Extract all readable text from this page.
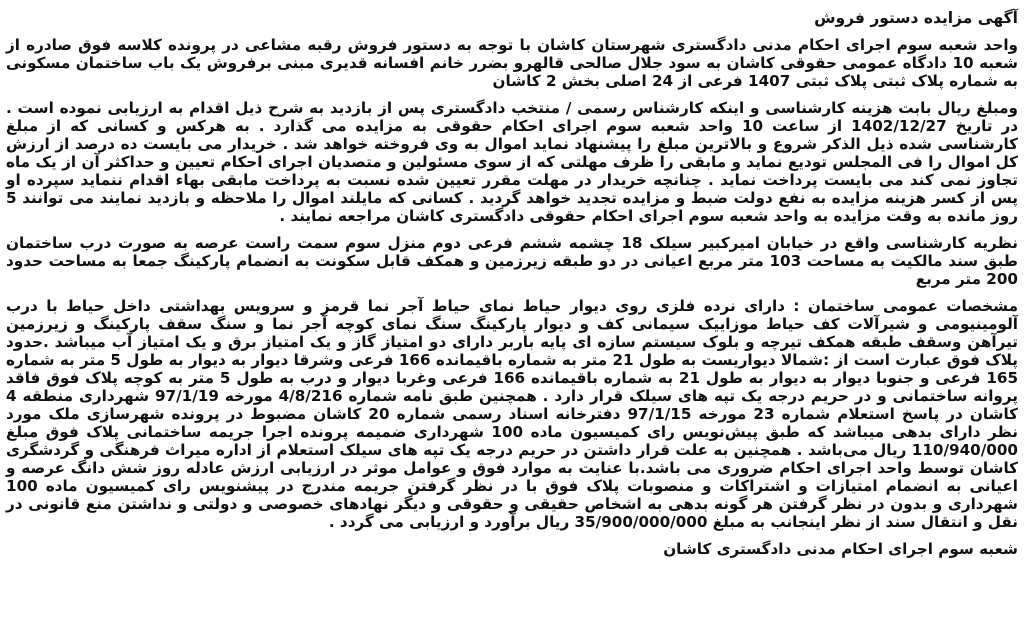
آگهی مزایده دستور فروش
واحد شعبه سوم اجرای احکام مدنی دادگستری شهرستان کاشان با توجه به دستور فروش رقبه مشاعی در پرونده کلاسه فوق صادره از شعبه 10 دادگاه عمومی حقوقی کاشان به سود جلال صالحی قالهرو بضرر خانم افسانه قدیری مبنی برفروش یک باب ساختمان مسکونی به شماره پلاک ثبتی پلاک ثبتی 1407 فرعی از 24 اصلی بخش 2 کاشان
ومبلغ ریال بابت هزینه کارشناسی و اینکه کارشناس رسمی / منتخب دادگستری پس از بازدید به شرح ذیل اقدام به ارزیابی نموده است . در تاریخ 1402/12/27 از ساعت 10 واحد شعبه سوم اجرای احکام حقوقی به مزایده می گذارد . به هرکس و کسانی که از مبلغ کارشناسی شده ذیل الذکر شروع و بالاترین مبلغ را پیشنهاد نماید اموال به وی فروخته خواهد شد . خریدار می بایست ده درصد از ارزش کل اموال را فی المجلس تودیع نماید و مابقی را ظرف مهلتی که از سوی مسئولین و متصدیان اجرای احکام تعیین و حداکثر آن از یک ماه تجاوز نمی کند می بایست پرداخت نماید . چنانچه خریدار در مهلت مقرر تعیین شده نسبت به پرداخت مابقی بهاء اقدام ننماید سپرده او پس از کسر هزینه مزایده به نفع دولت ضبط و مزایده تجدید خواهد گردید . کسانی که مایلند اموال را ملاحظه و بازدید نمایند می توانند 5 روز مانده به وقت مزایده به واحد شعبه سوم اجرای احکام حقوقی دادگستری کاشان مراجعه نمایند .
نظریه کارشناسی واقع در خیابان امیرکبیر سیلک 18 چشمه ششم فرعی دوم منزل سوم سمت راست عرصه به صورت درب ساختمان طبق سند مالکیت به مساحت 103 متر مربع اعیانی در دو طبقه زیرزمین و همکف قابل سکونت به انضمام پارکینگ جمعا به مساحت حدود 200 متر مربع
مشخصات عمومی ساختمان : دارای نرده فلزی روی دیوار حیاط نمای حیاط آجر نما قرمز و سرویس بهداشتی داخل حیاط با درب آلومینیومی و شیرآلات کف حیاط موزاییک سیمانی کف و دیوار پارکینگ سنگ نمای کوچه آجر نما و سنگ سقف پارکینگ و زیرزمین تیرآهن وسقف طبقه همکف تیرچه و بلوک سیستم سازه ای پایه باربر دارای دو امتیاز گاز و یک امتیاز برق و یک امتیاز آب میباشد .حدود پلاک فوق عبارت است از :شمالا دیواریست به طول 21 متر به شماره باقیمانده 166 فرعی وشرقا دیوار به دیوار به طول 5 متر به شماره 165 فرعی و جنوبا دیوار به دیوار به طول 21 به شماره باقیمانده 166 فرعی وغربا دیوار و درب به طول 5 متر به کوچه پلاک فوق فاقد پروانه ساختمانی و در حریم درجه یک تپه های سیلک قرار دارد . همچنین طبق نامه شماره 4/8/216 مورخه 97/1/19 شهرداری منطقه 4 کاشان در پاسخ استعلام شماره 23 مورخه 97/1/15 دفترخانه اسناد رسمی شماره 20 کاشان مضبوط در پرونده شهرسازی ملک مورد نظر دارای بدهی میباشد که طبق پیش‌نویس رای کمیسیون ماده 100 شهرداری ضمیمه پرونده اجرا جریمه ساختمانی پلاک فوق مبلغ 110/940/000 ریال می‌باشد . همچنین به علت قرار داشتن در حریم درجه یک تپه های سیلک استعلام از اداره میراث فرهنگی و گردشگری کاشان توسط واحد اجرای احکام ضروری می باشد.با عنایت به موارد فوق و عوامل موثر در ارزیابی ارزش عادله روز شش دانگ عرصه و اعیانی به انضمام امتیازات و اشتراکات و منصوبات پلاک فوق با در نظر گرفتن جریمه مندرج در پیشنویس رای کمیسیون ماده 100 شهرداری و بدون در نظر گرفتن هر گونه بدهی به اشخاص حقیقی و حقوقی و دیگر نهادهای خصوصی و دولتی و نداشتن منع قانونی در نقل و انتقال سند از نظر اینجانب به مبلغ 35/900/000/000 ریال برآورد و ارزیابی می گردد .
شعبه سوم اجرای احکام مدنی دادگستری کاشان
